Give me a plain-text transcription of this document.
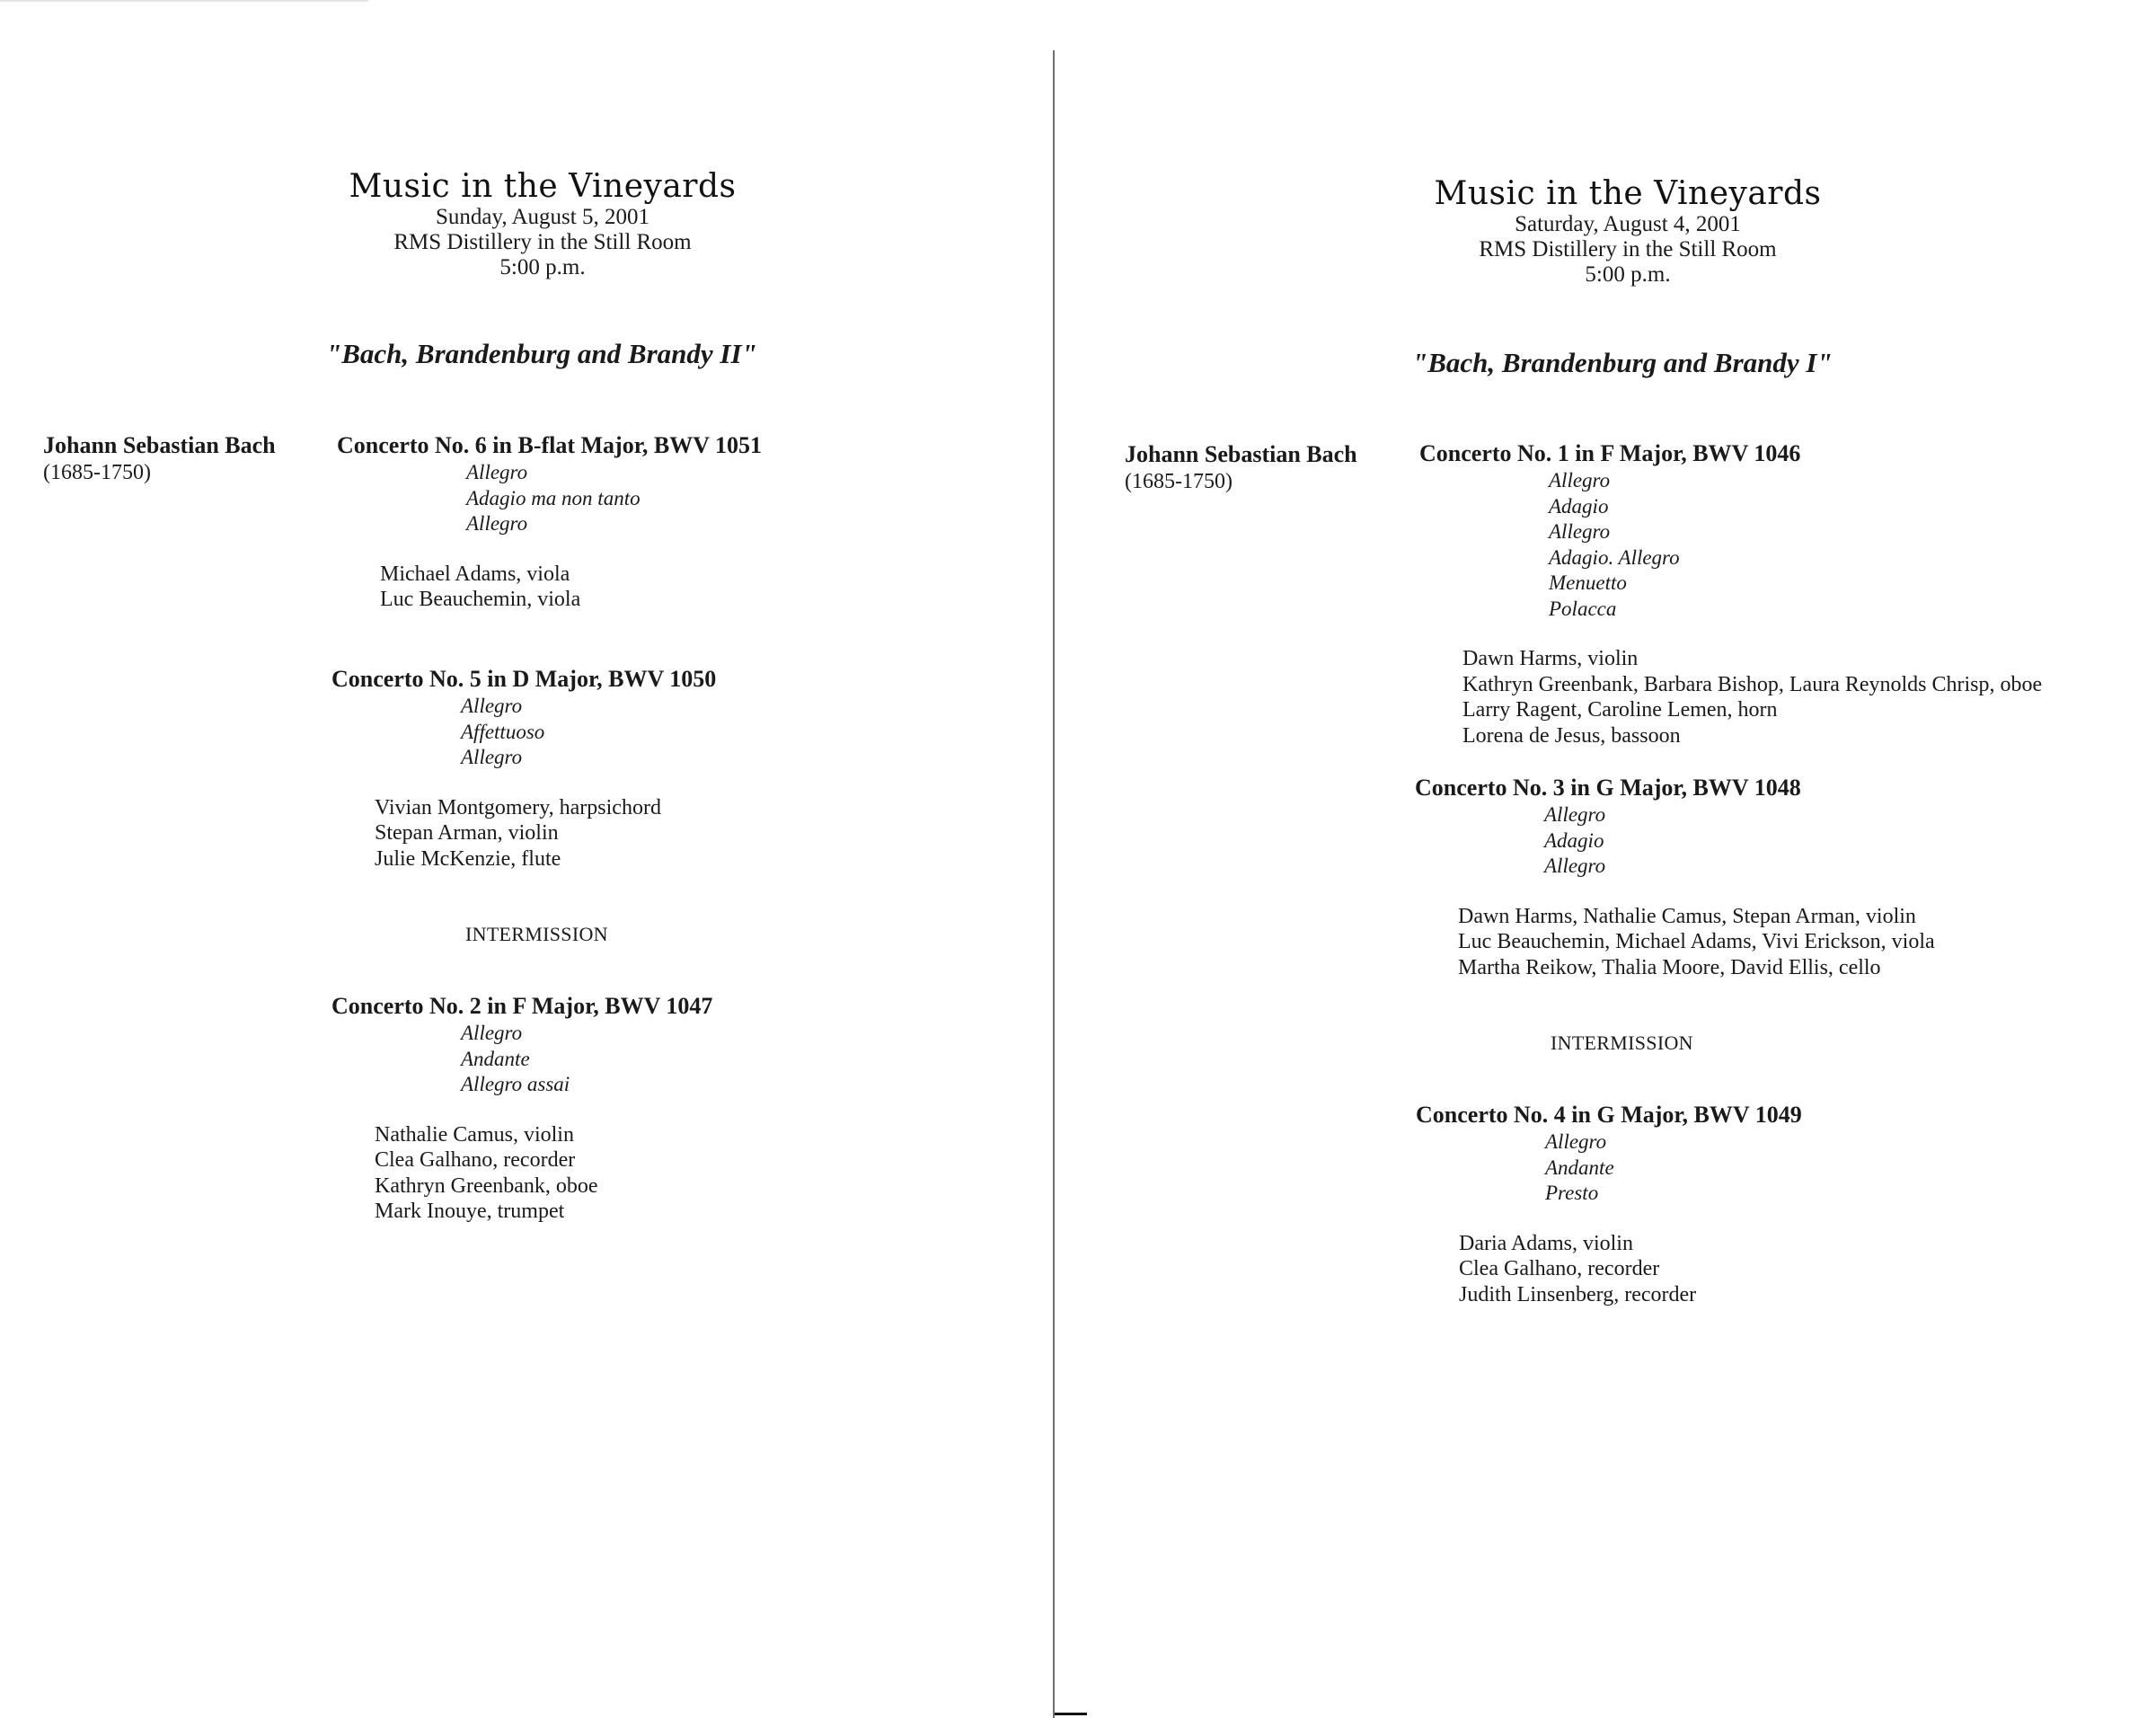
Music in the Vineyards
Sunday, August 5, 2001
RMS Distillery in the Still Room
5:00 p.m.
"Bach, Brandenburg and Brandy II"
Johann Sebastian Bach
(1685-1750)
Concerto No. 6 in B-flat Major, BWV 1051
Allegro
Adagio ma non tanto
Allegro
Michael Adams, viola
Luc Beauchemin, viola
Concerto No. 5 in D Major, BWV 1050
Allegro
Affettuoso
Allegro
Vivian Montgomery, harpsichord
Stepan Arman, violin
Julie McKenzie, flute
INTERMISSION
Concerto No. 2 in F Major, BWV 1047
Allegro
Andante
Allegro assai
Nathalie Camus, violin
Clea Galhano, recorder
Kathryn Greenbank, oboe
Mark Inouye, trumpet
Music in the Vineyards
Saturday, August 4, 2001
RMS Distillery in the Still Room
5:00 p.m.
"Bach, Brandenburg and Brandy I"
Johann Sebastian Bach
(1685-1750)
Concerto No. 1 in F Major, BWV 1046
Allegro
Adagio
Allegro
Adagio. Allegro
Menuetto
Polacca
Dawn Harms, violin
Kathryn Greenbank, Barbara Bishop, Laura Reynolds Chrisp, oboe
Larry Ragent, Caroline Lemen, horn
Lorena de Jesus, bassoon
Concerto No. 3 in G Major, BWV 1048
Allegro
Adagio
Allegro
Dawn Harms, Nathalie Camus, Stepan Arman, violin
Luc Beauchemin, Michael Adams, Vivi Erickson, viola
Martha Reikow, Thalia Moore, David Ellis, cello
INTERMISSION
Concerto No. 4 in G Major, BWV 1049
Allegro
Andante
Presto
Daria Adams, violin
Clea Galhano, recorder
Judith Linsenberg, recorder
